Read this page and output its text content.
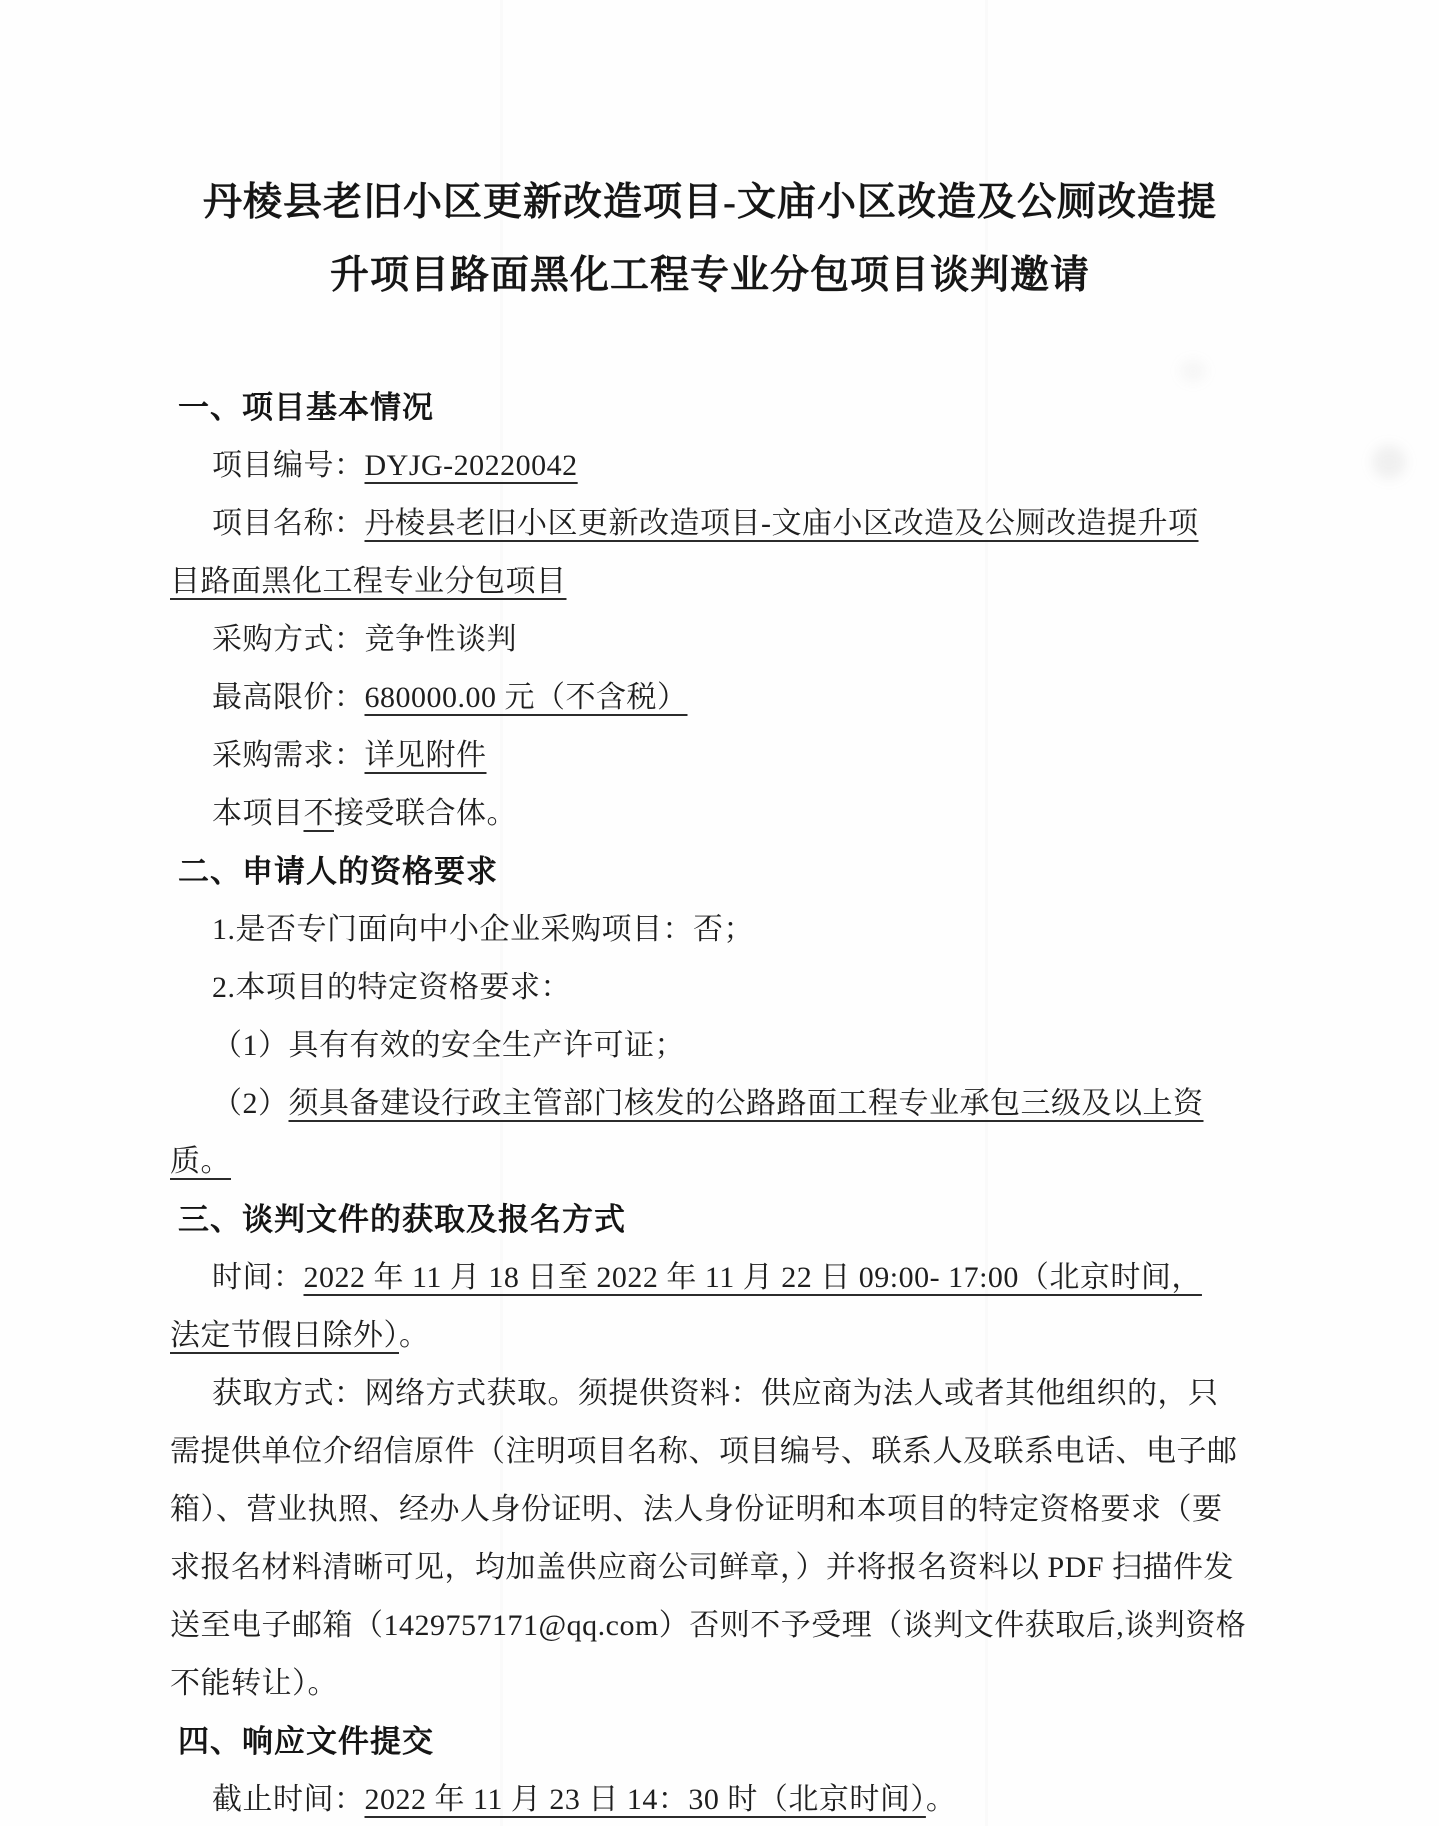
丹棱县老旧小区更新改造项目-文庙小区改造及公厕改造提
升项目路面黑化工程专业分包项目谈判邀请
一、项目基本情况
项目编号：DYJG-20220042
项目名称：丹棱县老旧小区更新改造项目-文庙小区改造及公厕改造提升项
目路面黑化工程专业分包项目
采购方式：竞争性谈判
最高限价：680000.00 元（不含税）
采购需求：详见附件
本项目不接受联合体。
二、申请人的资格要求
1.是否专门面向中小企业采购项目：否；
2.本项目的特定资格要求：
（1）具有有效的安全生产许可证；
（2）须具备建设行政主管部门核发的公路路面工程专业承包三级及以上资
质。
三、谈判文件的获取及报名方式
时间：2022 年 11 月 18 日至 2022 年 11 月 22 日 09:00- 17:00（北京时间，
法定节假日除外）。
获取方式：网络方式获取。须提供资料：供应商为法人或者其他组织的，只
需提供单位介绍信原件（注明项目名称、项目编号、联系人及联系电话、电子邮
箱）、营业执照、经办人身份证明、法人身份证明和本项目的特定资格要求（要
求报名材料清晰可见，均加盖供应商公司鲜章，）并将报名资料以 PDF 扫描件发
送至电子邮箱（1429757171@qq.com）否则不予受理（谈判文件获取后,谈判资格
不能转让）。
四、响应文件提交
截止时间：2022 年 11 月 23 日 14：30 时（北京时间）。
